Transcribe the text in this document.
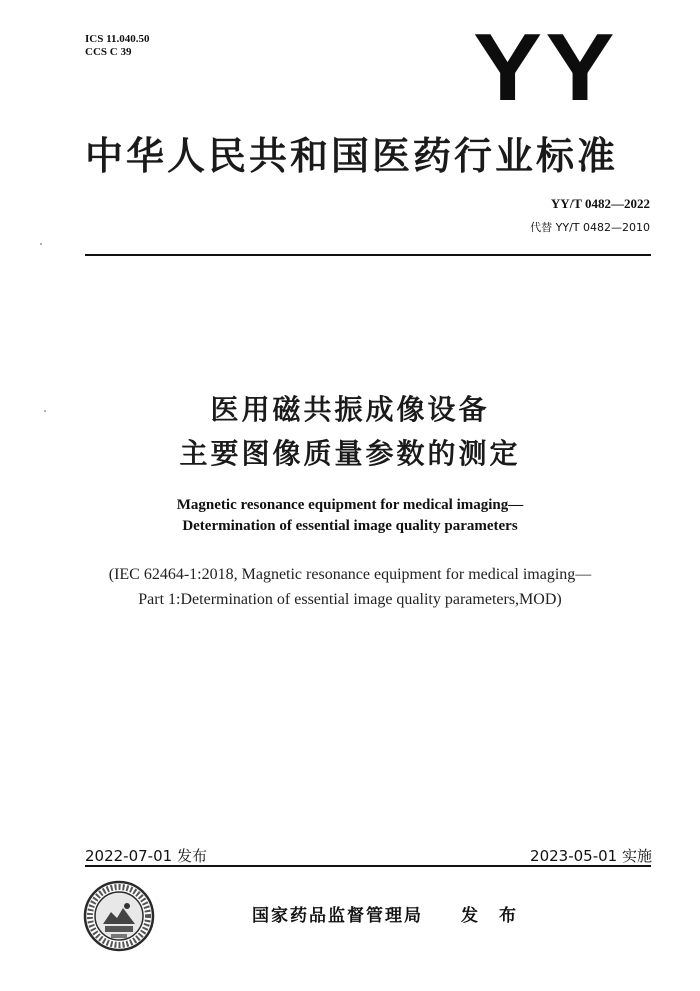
ICS 11.040.50
CCS C 39	YY
中华人民共和国医药行业标准
YY/T 0482—2022
代替 YY/T 0482—2010
医用磁共振成像设备
主要图像质量参数的测定
Magnetic resonance equipment for medical imaging—
Determination of essential image quality parameters
(IEC 62464-1:2018, Magnetic resonance equipment for medical imaging—
Part 1:Determination of essential image quality parameters,MOD)
2022-07-01 发布	2023-05-01 实施
国家药品监督管理局　　发　布
